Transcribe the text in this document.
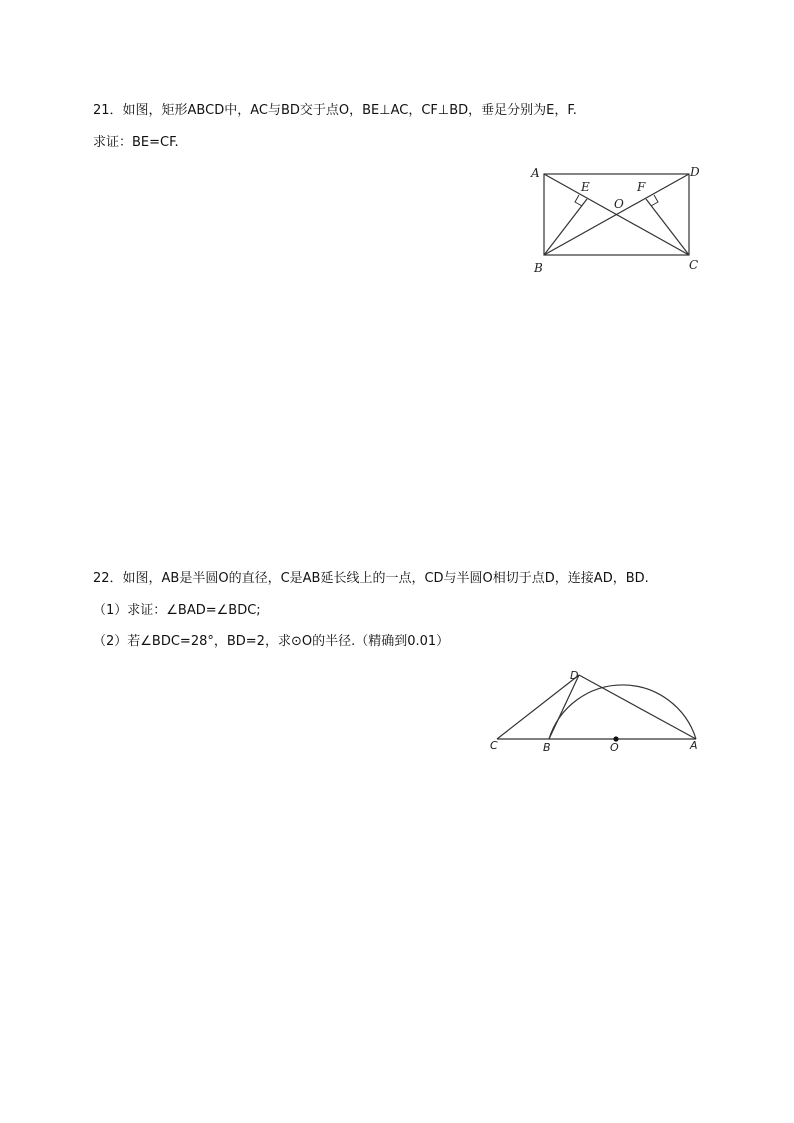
21．如图，矩形ABCD中，AC与BD交于点O，BE⊥AC，CF⊥BD，垂足分别为E，F.
求证：BE=CF.
A	D
B	C
E	F
O
22．如图，AB是半圆O的直径，C是AB延长线上的一点，CD与半圆O相切于点D，连接AD，BD.
（1）求证：∠BAD=∠BDC;
（2）若∠BDC=28°，BD=2，求⊙O的半径.（精确到0.01）
C	B	O	A
D
